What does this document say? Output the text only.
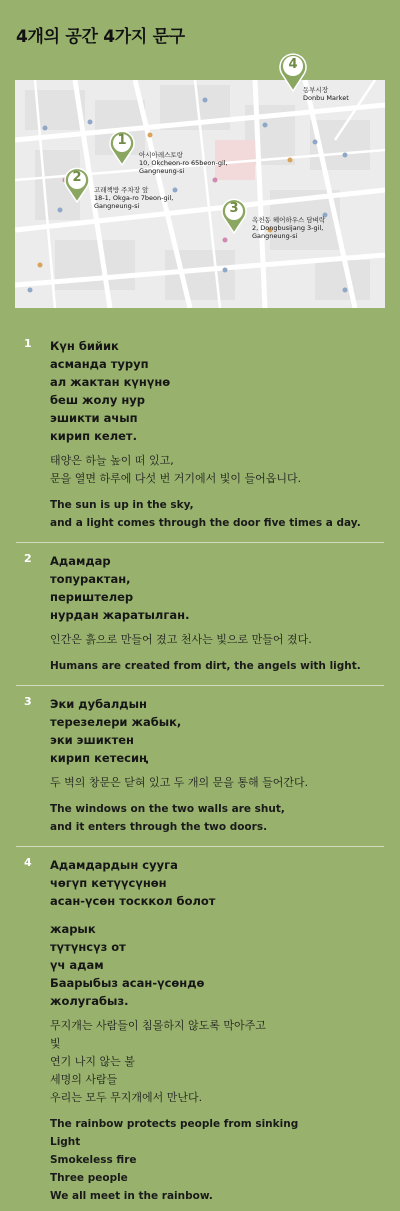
4개의 공간 4가지 문구
1
아시아레스토랑
10, Okcheon-ro 65beon-gil,
Gangneung-si
2
고래책방 주차장 앞
18-1, Okga-ro 7beon-gil,
Gangneung-si	3
옥천동 헤어하우스 담벼락
2, Dongbusijang 3-gil,
Gangneung-si
동부시장
Donbu Market
4
1 Күн бийик
асманда туруп
ал жактан күнүнө
беш жолу нур
эшикти ачып
кирип келет.
태양은 하늘 높이 떠 있고,
문을 열면 하루에 다섯 번 거기에서 빛이 들어옵니다.
The sun is up in the sky,
and a light comes through the door five times a day.
2 Адамдар
топурактан,
периштелер
нурдан жаратылган.
인간은 흙으로 만들어 졌고 천사는 빛으로 만들어 졌다.
Humans are created from dirt, the angels with light.
3 Эки дубалдын
терезелери жабык,
эки эшиктен
кирип кетесиң
두 벽의 창문은 닫혀 있고 두 개의 문을 통해 들어간다.
The windows on the two walls are shut,
and it enters through the two doors.
4 Адамдардын суугa
чөгүп кетүүсүнөн
асан-үсөн тосккол болот
жарык
түтүнсүз от
үч адам
Баарыбыз асан-үсөндө
жолугабыз.
무지개는 사람들이 침몰하지 않도록 막아주고
빛
연기 나지 않는 불
세명의 사람들
우리는 모두 무지개에서 만난다.
The rainbow protects people from sinking
Light
Smokeless fire
Three people
We all meet in the rainbow.
